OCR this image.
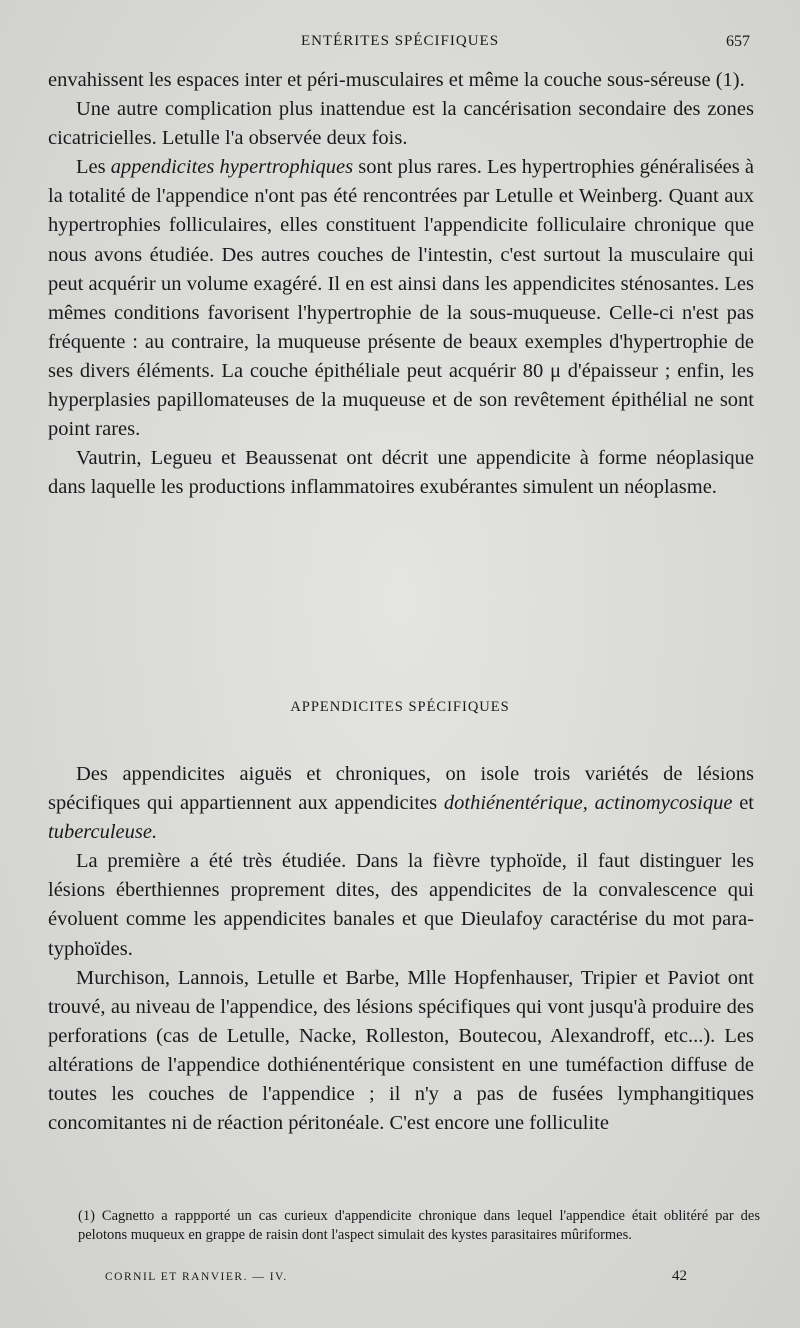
ENTÉRITES SPÉCIFIQUES	657

envahissent les espaces inter et péri-musculaires et même la couche sous-séreuse (1).

Une autre complication plus inattendue est la cancérisation secondaire des zones cicatricielles. Letulle l'a observée deux fois.

Les appendicites hypertrophiques sont plus rares. Les hypertrophies généralisées à la totalité de l'appendice n'ont pas été rencontrées par Letulle et Weinberg. Quant aux hypertrophies folliculaires, elles constituent l'appendicite folliculaire chronique que nous avons étudiée. Des autres couches de l'intestin, c'est surtout la musculaire qui peut acquérir un volume exagéré. Il en est ainsi dans les appendicites sténosantes. Les mêmes conditions favorisent l'hypertrophie de la sous-muqueuse. Celle-ci n'est pas fréquente : au contraire, la muqueuse présente de beaux exemples d'hypertrophie de ses divers éléments. La couche épithéliale peut acquérir 80 μ d'épaisseur ; enfin, les hyperplasies papillomateuses de la muqueuse et de son revêtement épithélial ne sont point rares.

Vautrin, Legueu et Beaussenat ont décrit une appendicite à forme néoplasique dans laquelle les productions inflammatoires exubérantes simulent un néoplasme.

APPENDICITES SPÉCIFIQUES

Des appendicites aiguës et chroniques, on isole trois variétés de lésions spécifiques qui appartiennent aux appendicites dothiénentérique, actinomycosique et tuberculeuse.

La première a été très étudiée. Dans la fièvre typhoïde, il faut distinguer les lésions éberthiennes proprement dites, des appendicites de la convalescence qui évoluent comme les appendicites banales et que Dieulafoy caractérise du mot para-typhoïdes.

Murchison, Lannois, Letulle et Barbe, Mlle Hopfenhauser, Tripier et Paviot ont trouvé, au niveau de l'appendice, des lésions spécifiques qui vont jusqu'à produire des perforations (cas de Letulle, Nacke, Rolleston, Boutecou, Alexandroff, etc...). Les altérations de l'appendice dothiénentérique consistent en une tuméfaction diffuse de toutes les couches de l'appendice ; il n'y a pas de fusées lymphangitiques concomitantes ni de réaction péritonéale. C'est encore une folliculite

(1) Cagnetto a rappporté un cas curieux d'appendicite chronique dans lequel l'appendice était oblitéré par des pelotons muqueux en grappe de raisin dont l'aspect simulait des kystes parasitaires mûriformes.

CORNIL ET RANVIER. — IV.	42
